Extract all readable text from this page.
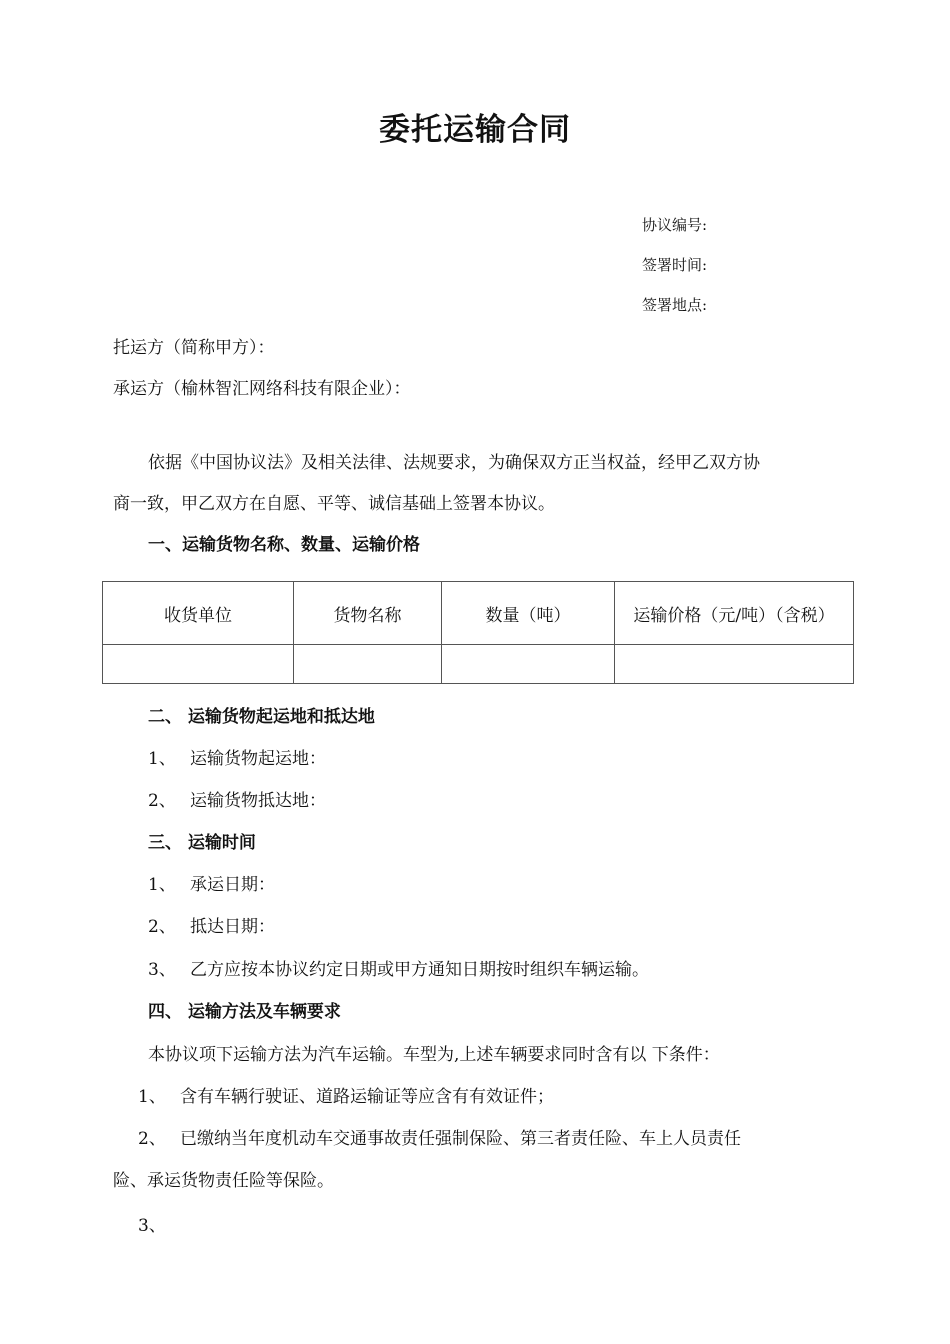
委托运输合同
协议编号:
签署时间:
签署地点:
托运方（简称甲方）：
承运方（榆林智汇网络科技有限企业）：
依据《中国协议法》及相关法律、法规要求，为确保双方正当权益，经甲乙双方协
商一致，甲乙双方在自愿、平等、诚信基础上签署本协议。
一、运输货物名称、数量、运输价格
收货单位	货物名称	数量（吨）	运输价格（元/吨）（含税）

二、 运输货物起运地和抵达地
1、 运输货物起运地：
2、 运输货物抵达地：
三、 运输时间
1、 承运日期：
2、 抵达日期：
3、 乙方应按本协议约定日期或甲方通知日期按时组织车辆运输。
四、 运输方法及车辆要求
本协议项下运输方法为汽车运输。车型为,上述车辆要求同时含有以 下条件：
1、 含有车辆行驶证、道路运输证等应含有有效证件；
2、 已缴纳当年度机动车交通事故责任强制保险、第三者责任险、车上人员责任
险、承运货物责任险等保险。
3、
